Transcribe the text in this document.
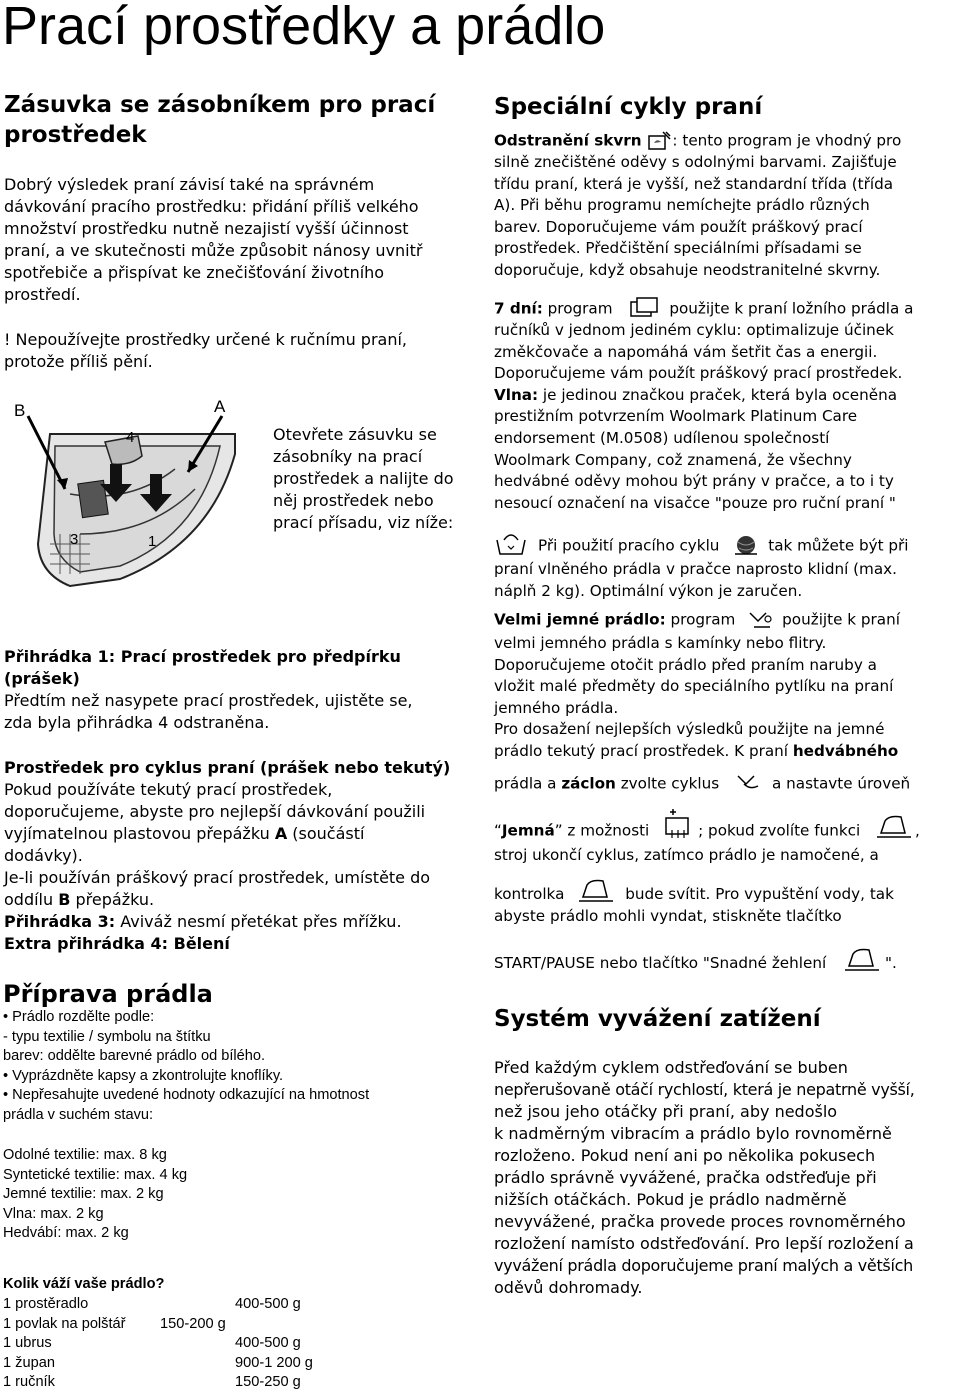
Prací prostředky a prádlo
Zásuvka se zásobníkem pro prací
prostředek
Dobrý výsledek praní závisí také na správném
dávkování pracího prostředku: přidání příliš velkého
množství prostředku nutně nezajistí vyšší účinnost
praní, a ve skutečnosti může způsobit nánosy uvnitř
spotřebiče a přispívat ke znečišťování životního
prostředí.
! Nepoužívejte prostředky určené k ručnímu praní,
protože příliš pění.
B	A
4
3	1
Otevřete zásuvku se
zásobníky na prací
prostředek a nalijte do
něj prostředek nebo
prací přísadu, viz níže:
Přihrádka 1: Prací prostředek pro předpírku
(prášek)
Předtím než nasypete prací prostředek, ujistěte se,
zda byla přihrádka 4 odstraněna.
Prostředek pro cyklus praní (prášek nebo tekutý)
Pokud používáte tekutý prací prostředek,
doporučujeme, abyste pro nejlepší dávkování použili
vyjímatelnou plastovou přepážku A (součástí
dodávky).
Je-li používán práškový prací prostředek, umístěte do
oddílu B přepážku.
Přihrádka 3: Aviváž nesmí přetékat přes mřížku.
Extra přihrádka 4: Bělení
Příprava prádla
• Prádlo rozdělte podle:
- typu textilie / symbolu na štítku
barev: oddělte barevné prádlo od bílého.
• Vyprázdněte kapsy a zkontrolujte knoflíky.
• Nepřesahujte uvedené hodnoty odkazující na hmotnost
prádla v suchém stavu:
Odolné textilie: max. 8 kg
Syntetické textilie: max. 4 kg
Jemné textilie: max. 2 kg
Vlna: max. 2 kg
Hedvábí: max. 2 kg
Kolik váží vaše prádlo?
1 prostěradlo	400-500 g
1 povlak na polštář 150-200 g
1 ubrus	400-500 g
1 župan	900-1 200 g
1 ručník	150-250 g
Speciální cykly praní
Odstranění skvrn : tento program je vhodný pro
silně znečištěné oděvy s odolnými barvami. Zajišťuje
třídu praní, která je vyšší, než standardní třída (třída
A). Při běhu programu nemíchejte prádlo různých
barev. Doporučujeme vám použít práškový prací
prostředek. Předčištění speciálními přísadami se
doporučuje, když obsahuje neodstranitelné skvrny.
7 dní: program	použijte k praní ložního prádla a
ručníků v jednom jediném cyklu: optimalizuje účinek
změkčovače a napomáhá vám šetřit čas a energii.
Doporučujeme vám použít práškový prací prostředek.
Vlna: je jedinou značkou praček, která byla oceněna
prestižním potvrzením Woolmark Platinum Care
endorsement (M.0508) udílenou společností
Woolmark Company, což znamená, že všechny
hedvábné oděvy mohou být prány v pračce, a to i ty
nesoucí označení na visačce "pouze pro ruční praní "
Při použití pracího cyklu	tak můžete být při
praní vlněného prádla v pračce naprosto klidní (max.
náplň 2 kg). Optimální výkon je zaručen.
Velmi jemné prádlo: program	použijte k praní
velmi jemného prádla s kamínky nebo flitry.
Doporučujeme otočit prádlo před praním naruby a
vložit malé předměty do speciálního pytlíku na praní
jemného prádla.
Pro dosažení nejlepších výsledků použijte na jemné
prádlo tekutý prací prostředek. K praní hedvábného
prádla a záclon zvolte cyklus	a nastavte úroveň
“Jemná” z možnosti	; pokud zvolíte funkci	,
stroj ukončí cyklus, zatímco prádlo je namočené, a
kontrolka	bude svítit. Pro vypuštění vody, tak
abyste prádlo mohli vyndat, stiskněte tlačítko
START/PAUSE nebo tlačítko "Snadné žehlení	".
Systém vyvážení zatížení
Před každým cyklem odstřeďování se buben
nepřerušovaně otáčí rychlostí, která je nepatrně vyšší,
než jsou jeho otáčky při praní, aby nedošlo
k nadměrným vibracím a prádlo bylo rovnoměrně
rozloženo. Pokud není ani po několika pokusech
prádlo správně vyvážené, pračka odstřeďuje při
nižších otáčkách. Pokud je prádlo nadměrně
nevyvážené, pračka provede proces rovnoměrného
rozložení namísto odstřeďování. Pro lepší rozložení a
vyvážení prádla doporučujeme praní malých a větších
oděvů dohromady.
